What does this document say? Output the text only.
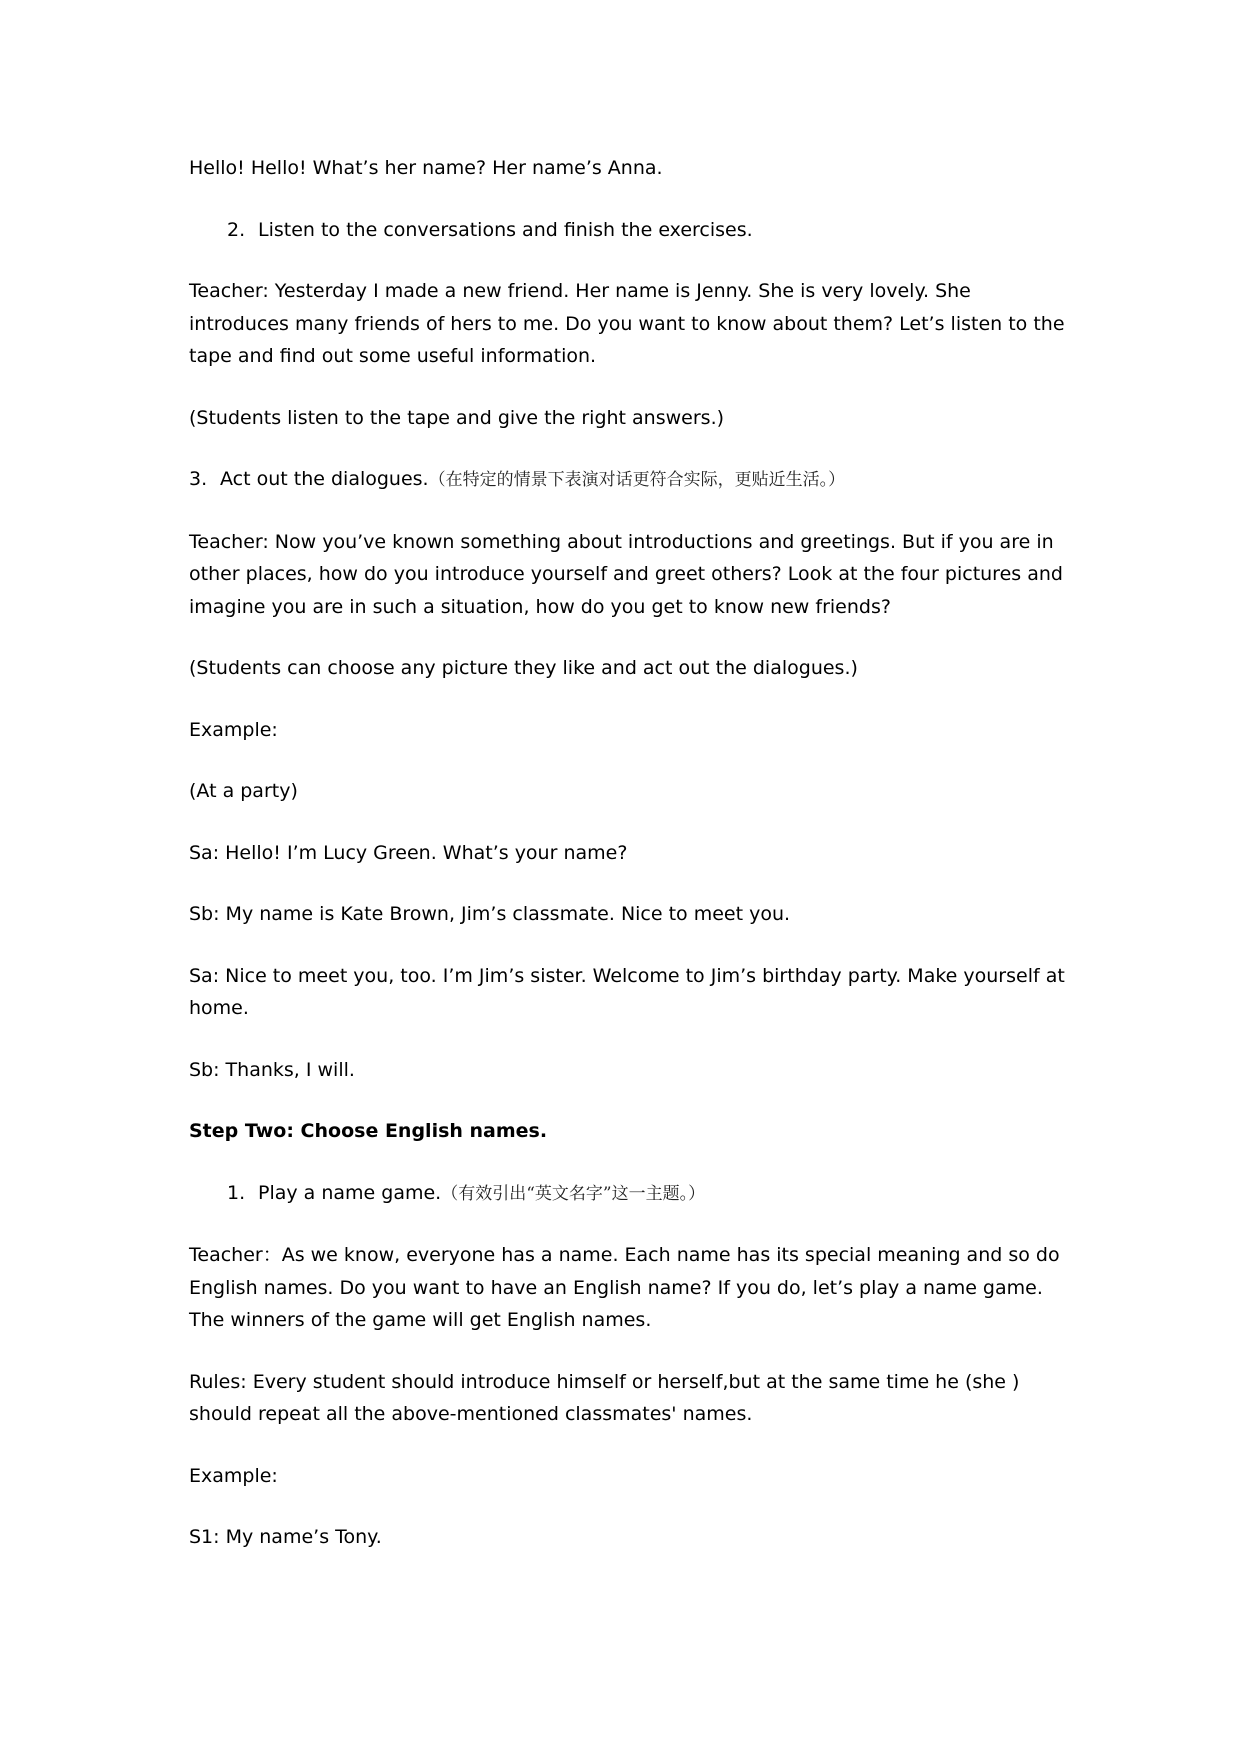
Hello! Hello! What’s her name? Her name’s Anna.

2. Listen to the conversations and finish the exercises.

Teacher: Yesterday I made a new friend. Her name is Jenny. She is very lovely. She introduces many friends of hers to me. Do you want to know about them? Let’s listen to the tape and find out some useful information.

(Students listen to the tape and give the right answers.)

3. Act out the dialogues.（在特定的情景下表演对话更符合实际，更贴近生活。）

Teacher: Now you’ve known something about introductions and greetings. But if you are in other places, how do you introduce yourself and greet others? Look at the four pictures and imagine you are in such a situation, how do you get to know new friends?

(Students can choose any picture they like and act out the dialogues.)

Example:

(At a party)

Sa: Hello! I’m Lucy Green. What’s your name?

Sb: My name is Kate Brown, Jim’s classmate. Nice to meet you.

Sa: Nice to meet you, too. I’m Jim’s sister. Welcome to Jim’s birthday party. Make yourself at home.

Sb: Thanks, I will.

Step Two: Choose English names.

1. Play a name game.（有效引出“英文名字”这一主题。）

Teacher：As we know, everyone has a name. Each name has its special meaning and so do English names. Do you want to have an English name? If you do, let’s play a name game. The winners of the game will get English names.

Rules: Every student should introduce himself or herself,but at the same time he (she ) should repeat all the above-mentioned classmates' names.

Example:

S1: My name’s Tony.
